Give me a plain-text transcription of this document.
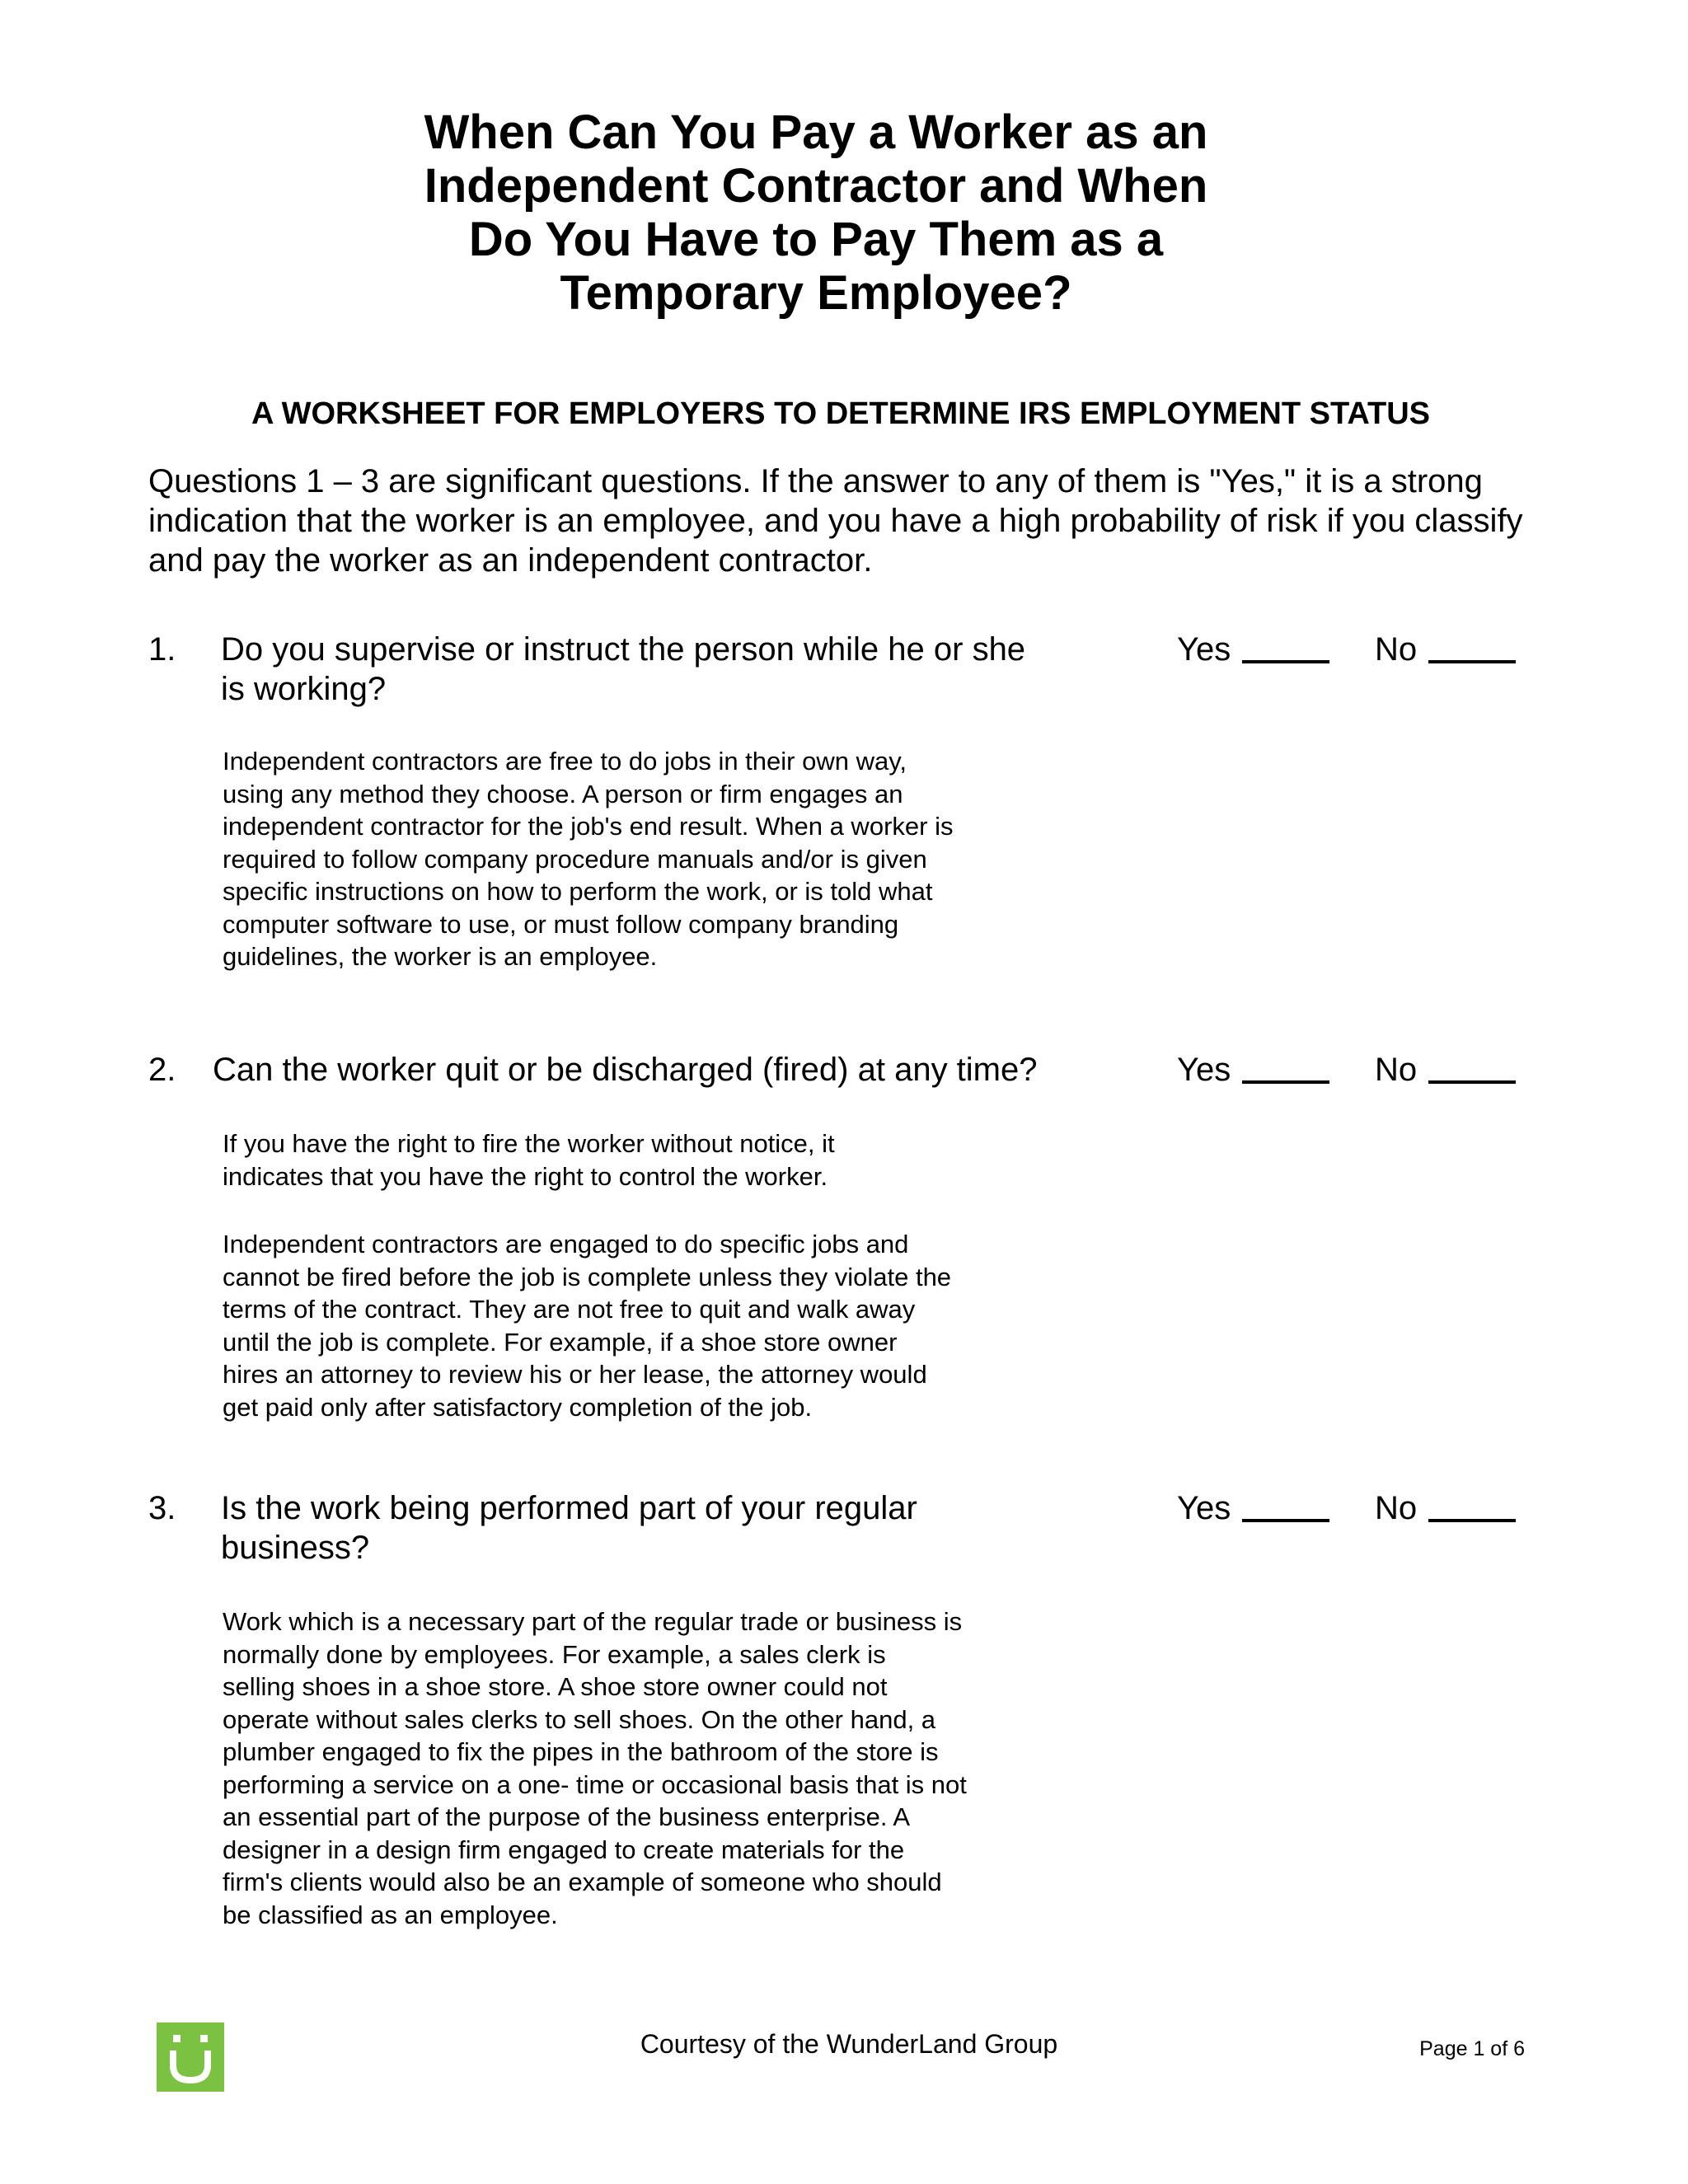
When Can You Pay a Worker as an
Independent Contractor and When
Do You Have to Pay Them as a
Temporary Employee?
A WORKSHEET FOR EMPLOYERS TO DETERMINE IRS EMPLOYMENT STATUS
Questions 1 – 3 are significant questions. If the answer to any of them is "Yes," it is a strong
indication that the worker is an employee, and you have a high probability of risk if you classify
and pay the worker as an independent contractor.
1. Do you supervise or instruct the person while he or she
is working?
Yes	No
Independent contractors are free to do jobs in their own way,
using any method they choose. A person or firm engages an
independent contractor for the job's end result. When a worker is
required to follow company procedure manuals and/or is given
specific instructions on how to perform the work, or is told what
computer software to use, or must follow company branding
guidelines, the worker is an employee.
2. Can the worker quit or be discharged (fired) at any time?	Yes	No
If you have the right to fire the worker without notice, it
indicates that you have the right to control the worker.
Independent contractors are engaged to do specific jobs and
cannot be fired before the job is complete unless they violate the
terms of the contract. They are not free to quit and walk away
until the job is complete. For example, if a shoe store owner
hires an attorney to review his or her lease, the attorney would
get paid only after satisfactory completion of the job.
3. Is the work being performed part of your regular
business?
Yes	No
Work which is a necessary part of the regular trade or business is
normally done by employees. For example, a sales clerk is
selling shoes in a shoe store. A shoe store owner could not
operate without sales clerks to sell shoes. On the other hand, a
plumber engaged to fix the pipes in the bathroom of the store is
performing a service on a one- time or occasional basis that is not
an essential part of the purpose of the business enterprise. A
designer in a design firm engaged to create materials for the
firm's clients would also be an example of someone who should
be classified as an employee.
Courtesy of the WunderLand Group	Page 1 of 6
